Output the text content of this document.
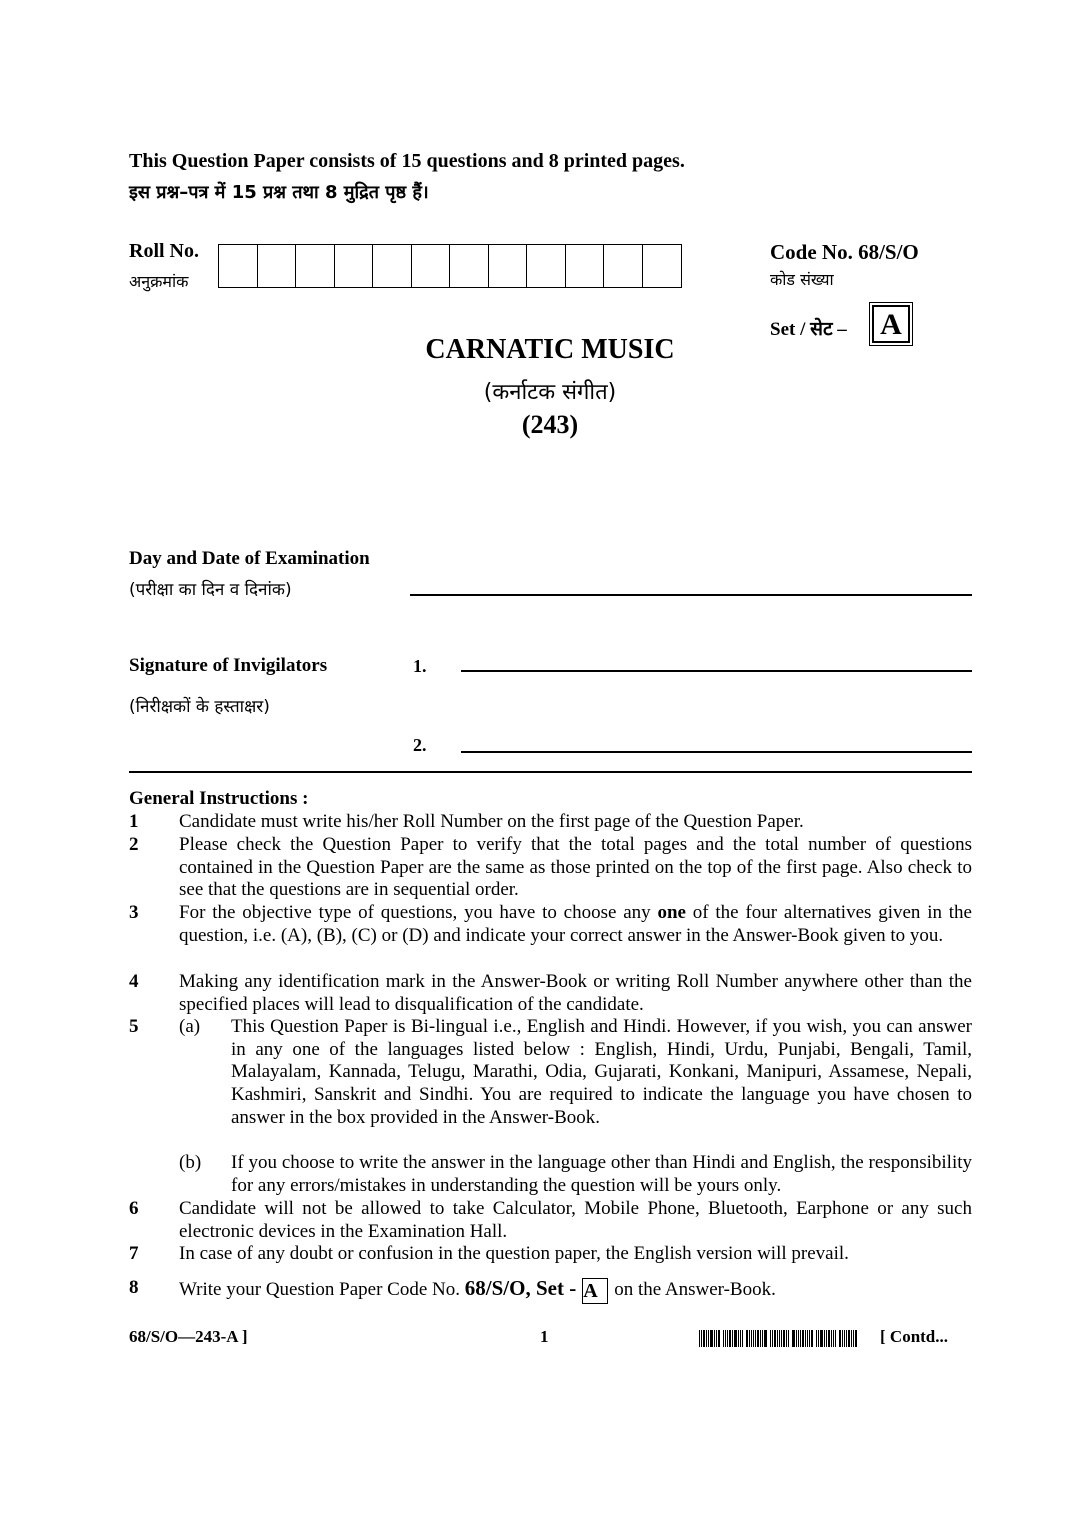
This Question Paper consists of 15 questions and 8 printed pages.
इस प्रश्न–पत्र में 15 प्रश्न तथा 8 मुद्रित पृष्ठ हैं।
Roll No.
अनुक्रमांक
Code No. 68/S/O
कोड संख्या
Set / सेट – A
CARNATIC MUSIC
(कर्नाटक संगीत)
(243)
Day and Date of Examination
(परीक्षा का दिन व दिनांक)
Signature of Invigilators
(निरीक्षकों के हस्ताक्षर)
1.
2.
General Instructions :
1 Candidate must write his/her Roll Number on the first page of the Question Paper.
2 Please check the Question Paper to verify that the total pages and the total number of questions contained in the Question Paper are the same as those printed on the top of the first page. Also check to see that the questions are in sequential order.
3 For the objective type of questions, you have to choose any one of the four alternatives given in the question, i.e. (A), (B), (C) or (D) and indicate your correct answer in the Answer-Book given to you.
4 Making any identification mark in the Answer-Book or writing Roll Number anywhere other than the specified places will lead to disqualification of the candidate.
5 (a) This Question Paper is Bi-lingual i.e., English and Hindi. However, if you wish, you can answer in any one of the languages listed below : English, Hindi, Urdu, Punjabi, Bengali, Tamil, Malayalam, Kannada, Telugu, Marathi, Odia, Gujarati, Konkani, Manipuri, Assamese, Nepali, Kashmiri, Sanskrit and Sindhi. You are required to indicate the language you have chosen to answer in the box provided in the Answer-Book.
(b) If you choose to write the answer in the language other than Hindi and English, the responsibility for any errors/mistakes in understanding the question will be yours only.
6 Candidate will not be allowed to take Calculator, Mobile Phone, Bluetooth, Earphone or any such electronic devices in the Examination Hall.
7 In case of any doubt or confusion in the question paper, the English version will prevail.
8 Write your Question Paper Code No. 68/S/O, Set - A on the Answer-Book.
68/S/O—243-A ]	1	[ Contd...
